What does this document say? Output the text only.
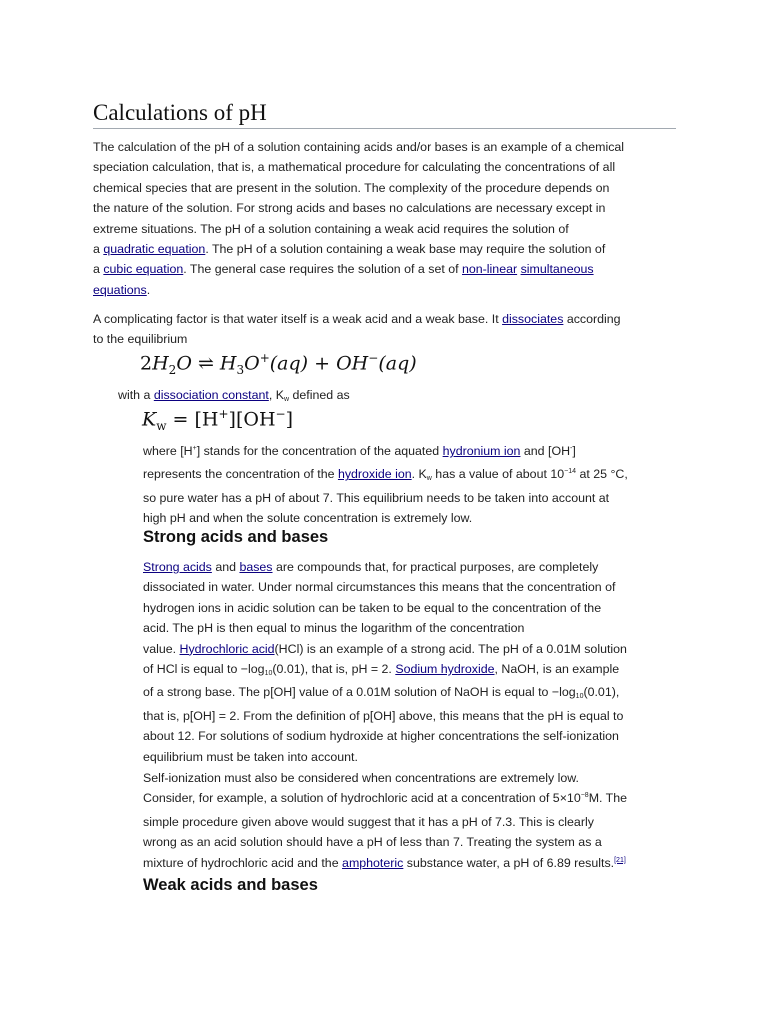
Calculations of pH
The calculation of the pH of a solution containing acids and/or bases is an example of a chemical
speciation calculation, that is, a mathematical procedure for calculating the concentrations of all
chemical species that are present in the solution. The complexity of the procedure depends on
the nature of the solution. For strong acids and bases no calculations are necessary except in
extreme situations. The pH of a solution containing a weak acid requires the solution of
a quadratic equation. The pH of a solution containing a weak base may require the solution of
a cubic equation. The general case requires the solution of a set of non-linear simultaneous
equations.
A complicating factor is that water itself is a weak acid and a weak base. It dissociates according
to the equilibrium
$2H_2O$ ⇌ $H_3O^+(aq) + OH^-(aq)$
with a dissociation constant, Kw defined as
$K_w = [H^+][OH^-]$
where [H+] stands for the concentration of the aquated hydronium ion and [OH-]
represents the concentration of the hydroxide ion. Kw has a value of about $10^{-14}$ at 25 °C,
so pure water has a pH of about 7. This equilibrium needs to be taken into account at
high pH and when the solute concentration is extremely low.
Strong acids and bases
Strong acids and bases are compounds that, for practical purposes, are completely
dissociated in water. Under normal circumstances this means that the concentration of
hydrogen ions in acidic solution can be taken to be equal to the concentration of the
acid. The pH is then equal to minus the logarithm of the concentration
value. Hydrochloric acid(HCl) is an example of a strong acid. The pH of a 0.01M solution
of HCl is equal to −log10(0.01), that is, pH = 2. Sodium hydroxide, NaOH, is an example
of a strong base. The p[OH] value of a 0.01M solution of NaOH is equal to −log10(0.01),
that is, p[OH] = 2. From the definition of p[OH] above, this means that the pH is equal to
about 12. For solutions of sodium hydroxide at higher concentrations the self-ionization
equilibrium must be taken into account.
Self-ionization must also be considered when concentrations are extremely low.
Consider, for example, a solution of hydrochloric acid at a concentration of $5\times 10^{-8}M$. The
simple procedure given above would suggest that it has a pH of 7.3. This is clearly
wrong as an acid solution should have a pH of less than 7. Treating the system as a
mixture of hydrochloric acid and the amphoteric substance water, a pH of 6.89 results.[21]
Weak acids and bases
